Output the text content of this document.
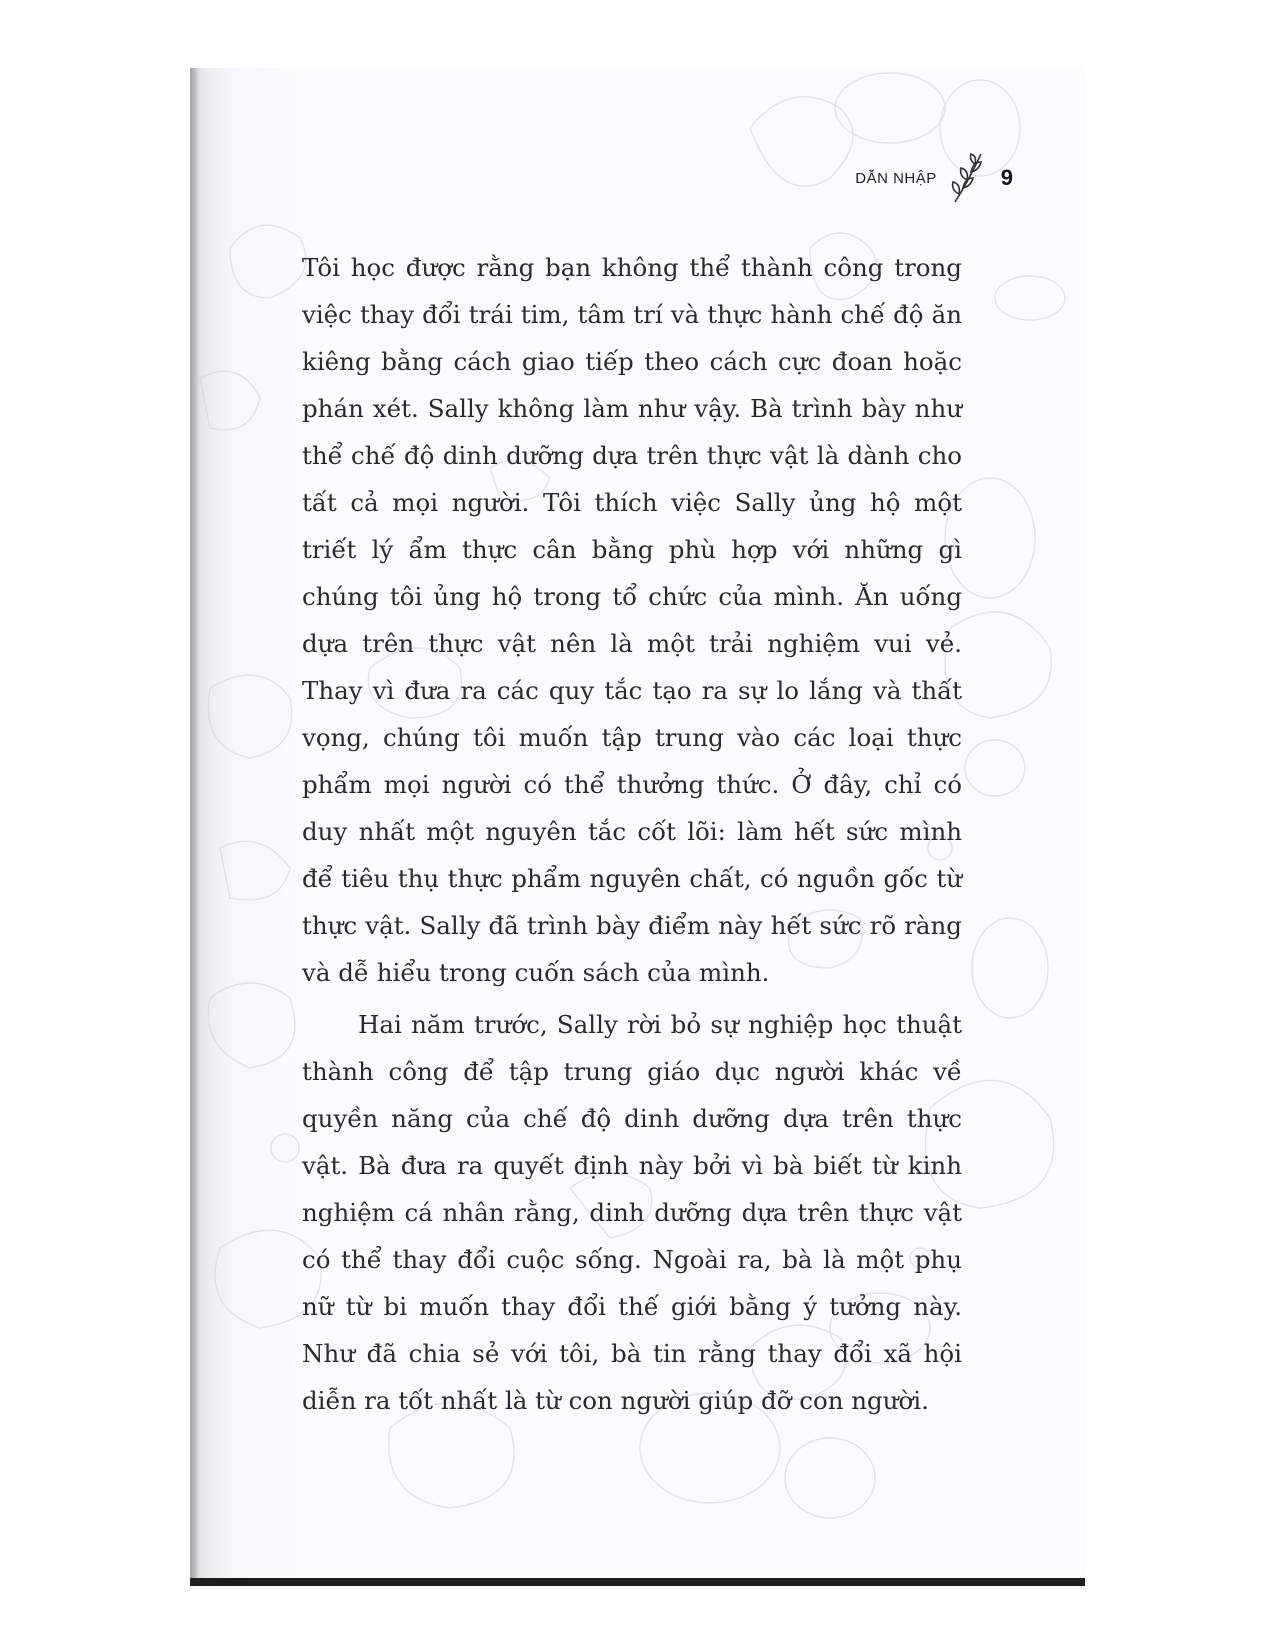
DẪN NHẬP	9

Tôi học được rằng bạn không thể thành công trong việc thay đổi trái tim, tâm trí và thực hành chế độ ăn kiêng bằng cách giao tiếp theo cách cực đoan hoặc phán xét. Sally không làm như vậy. Bà trình bày như thể chế độ dinh dưỡng dựa trên thực vật là dành cho tất cả mọi người. Tôi thích việc Sally ủng hộ một triết lý ẩm thực cân bằng phù hợp với những gì chúng tôi ủng hộ trong tổ chức của mình. Ăn uống dựa trên thực vật nên là một trải nghiệm vui vẻ. Thay vì đưa ra các quy tắc tạo ra sự lo lắng và thất vọng, chúng tôi muốn tập trung vào các loại thực phẩm mọi người có thể thưởng thức. Ở đây, chỉ có duy nhất một nguyên tắc cốt lõi: làm hết sức mình để tiêu thụ thực phẩm nguyên chất, có nguồn gốc từ thực vật. Sally đã trình bày điểm này hết sức rõ ràng và dễ hiểu trong cuốn sách của mình.

Hai năm trước, Sally rời bỏ sự nghiệp học thuật thành công để tập trung giáo dục người khác về quyền năng của chế độ dinh dưỡng dựa trên thực vật. Bà đưa ra quyết định này bởi vì bà biết từ kinh nghiệm cá nhân rằng, dinh dưỡng dựa trên thực vật có thể thay đổi cuộc sống. Ngoài ra, bà là một phụ nữ từ bi muốn thay đổi thế giới bằng ý tưởng này. Như đã chia sẻ với tôi, bà tin rằng thay đổi xã hội diễn ra tốt nhất là từ con người giúp đỡ con người.
